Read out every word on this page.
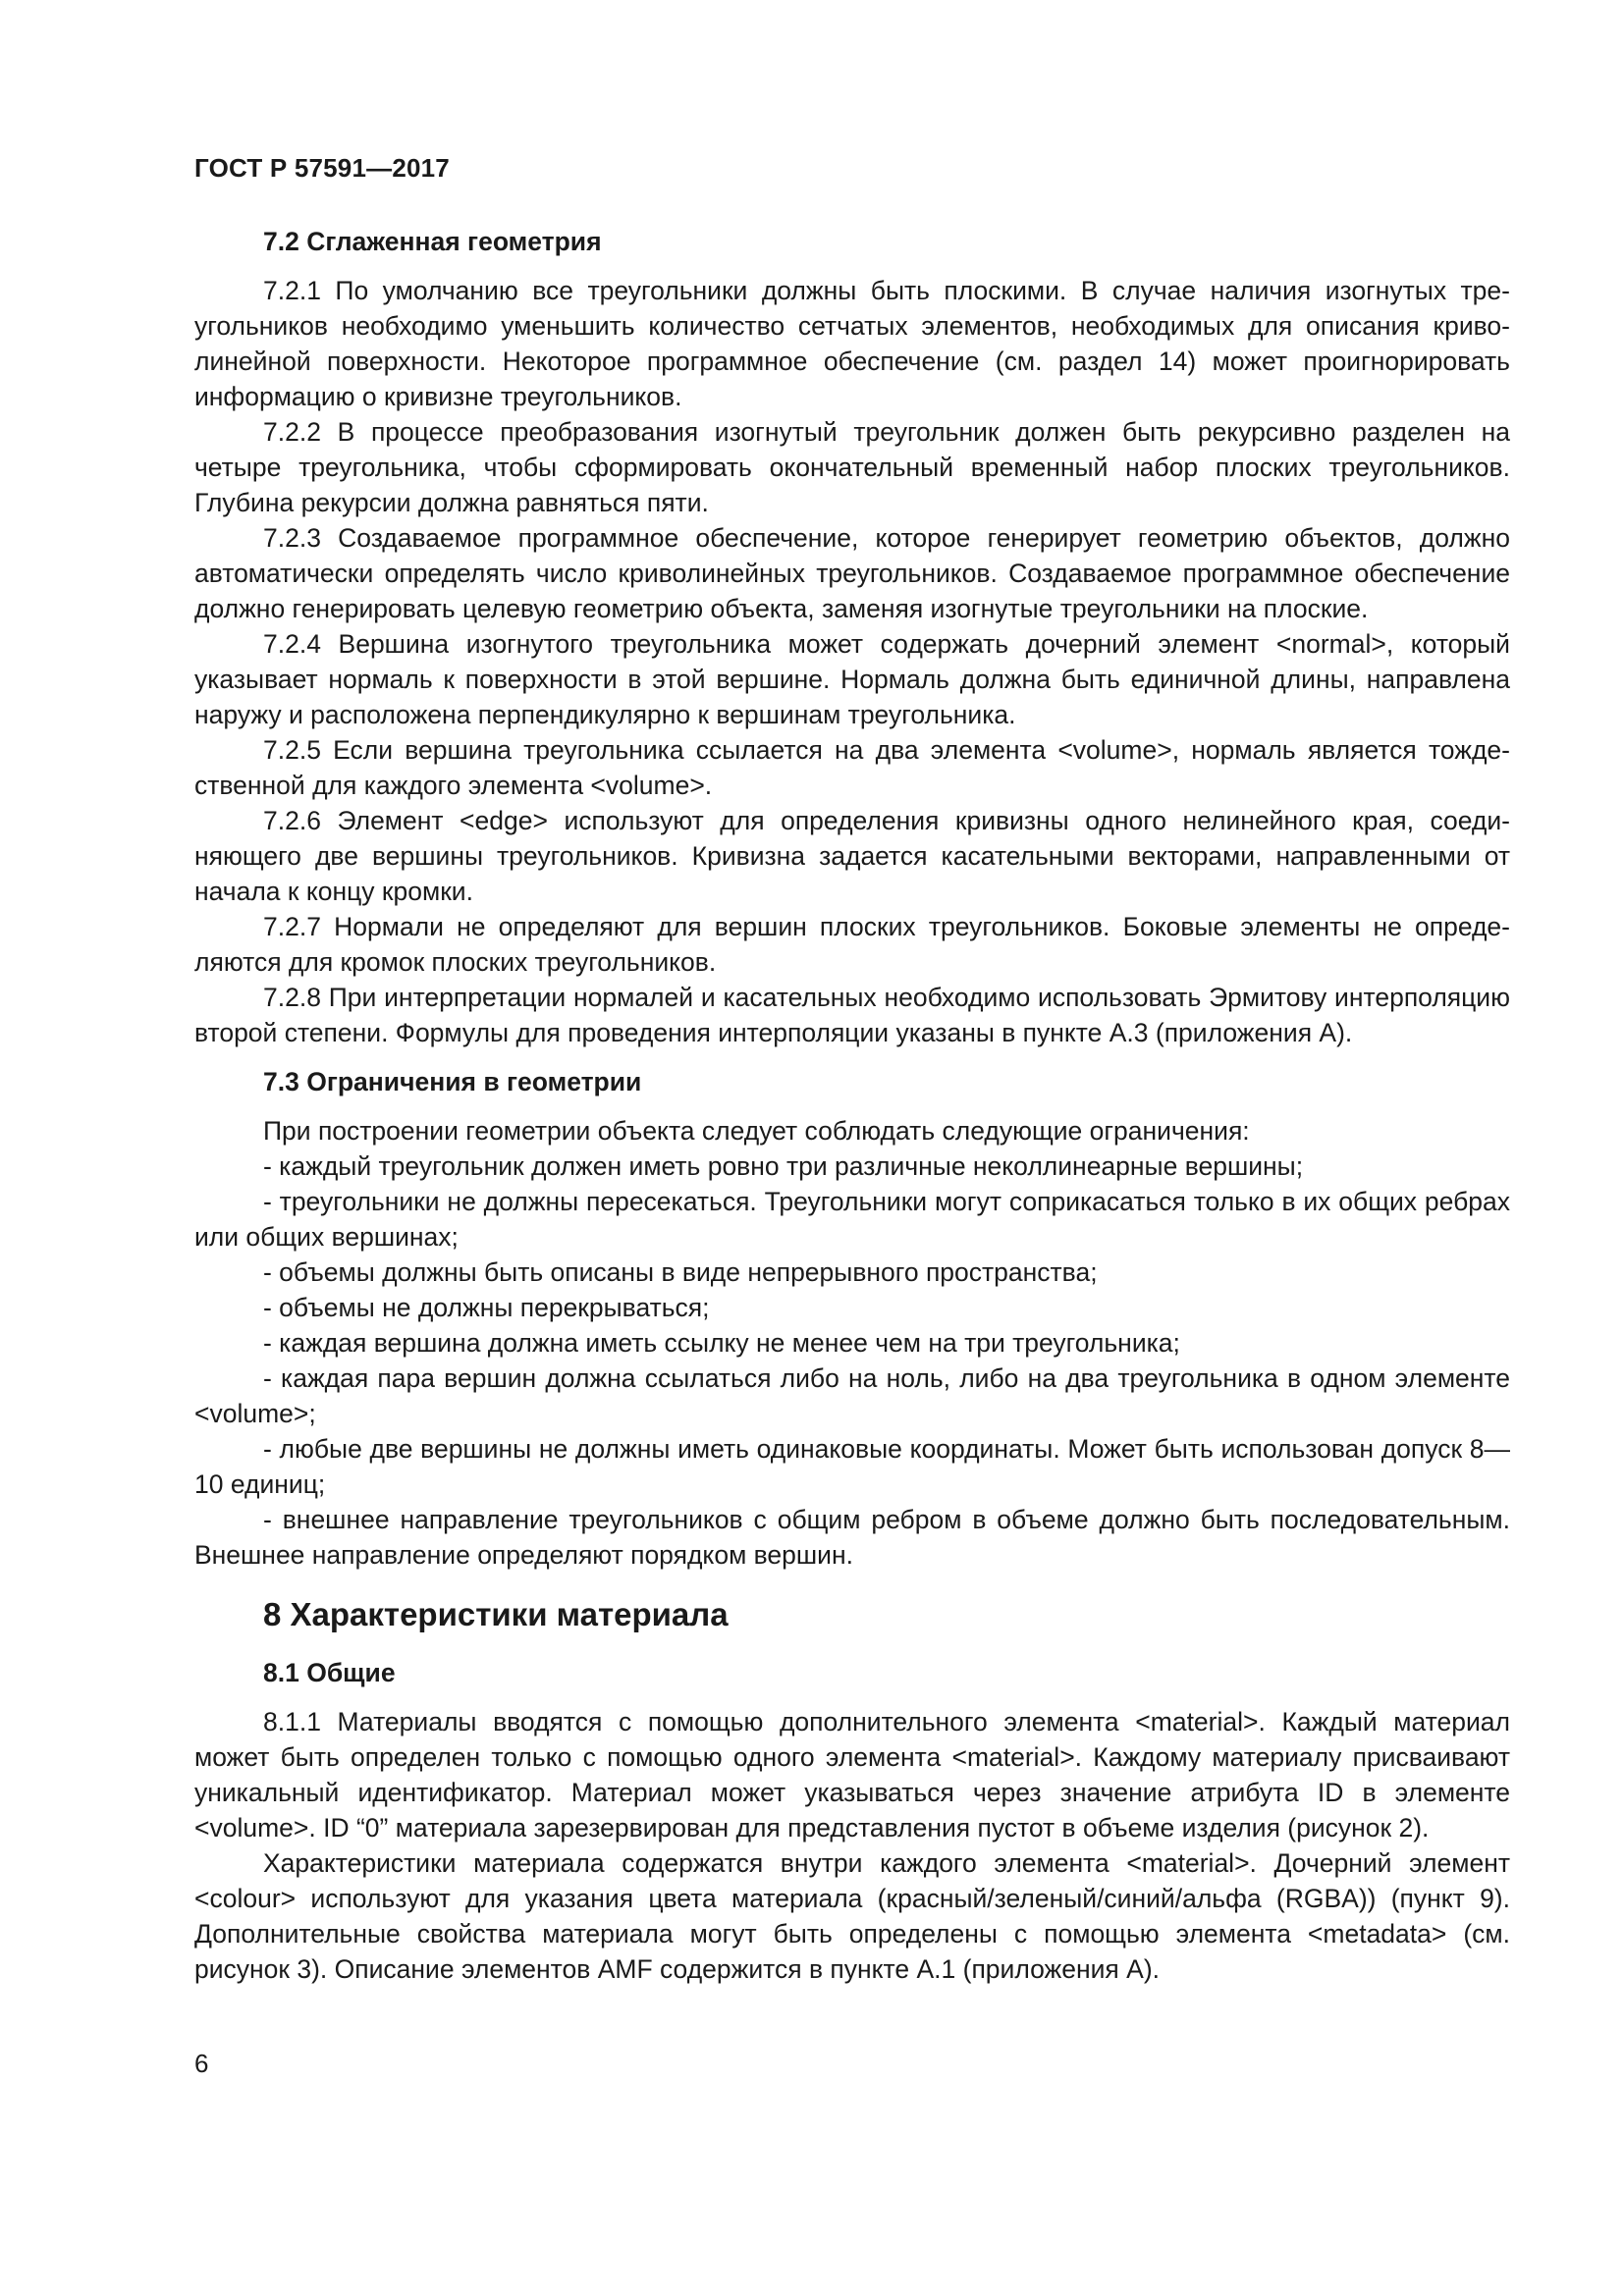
ГОСТ Р 57591—2017
7.2 Сглаженная геометрия

7.2.1 По умолчанию все треугольники должны быть плоскими. В случае наличия изогнутых треугольников необходимо уменьшить количество сетчатых элементов, необходимых для описания криволинейной поверхности. Некоторое программное обеспечение (см. раздел 14) может проигнорировать информацию о кривизне треугольников.

7.2.2 В процессе преобразования изогнутый треугольник должен быть рекурсивно разделен на четыре треугольника, чтобы сформировать окончательный временный набор плоских треугольников. Глубина рекурсии должна равняться пяти.

7.2.3 Создаваемое программное обеспечение, которое генерирует геометрию объектов, должно автоматически определять число криволинейных треугольников. Создаваемое программное обеспечение должно генерировать целевую геометрию объекта, заменяя изогнутые треугольники на плоские.

7.2.4 Вершина изогнутого треугольника может содержать дочерний элемент <normal>, который указывает нормаль к поверхности в этой вершине. Нормаль должна быть единичной длины, направлена наружу и расположена перпендикулярно к вершинам треугольника.

7.2.5 Если вершина треугольника ссылается на два элемента <volume>, нормаль является тождественной для каждого элемента <volume>.

7.2.6 Элемент <edge> используют для определения кривизны одного нелинейного края, соединяющего две вершины треугольников. Кривизна задается касательными векторами, направленными от начала к концу кромки.

7.2.7 Нормали не определяют для вершин плоских треугольников. Боковые элементы не определяются для кромок плоских треугольников.

7.2.8 При интерпретации нормалей и касательных необходимо использовать Эрмитову интерполяцию второй степени. Формулы для проведения интерполяции указаны в пункте А.3 (приложения А).

7.3 Ограничения в геометрии

При построении геометрии объекта следует соблюдать следующие ограничения:

- каждый треугольник должен иметь ровно три различные неколлинеарные вершины;

- треугольники не должны пересекаться. Треугольники могут соприкасаться только в их общих ребрах или общих вершинах;

- объемы должны быть описаны в виде непрерывного пространства;

- объемы не должны перекрываться;

- каждая вершина должна иметь ссылку не менее чем на три треугольника;

- каждая пара вершин должна ссылаться либо на ноль, либо на два треугольника в одном элементе <volume>;

- любые две вершины не должны иметь одинаковые координаты. Может быть использован допуск 8—10 единиц;

- внешнее направление треугольников с общим ребром в объеме должно быть последовательным. Внешнее направление определяют порядком вершин.

8 Характеристики материала
8.1 Общие

8.1.1 Материалы вводятся с помощью дополнительного элемента <material>. Каждый материал может быть определен только с помощью одного элемента <material>. Каждому материалу присваивают уникальный идентификатор. Материал может указываться через значение атрибута ID в элементе <volume>. ID “0” материала зарезервирован для представления пустот в объеме изделия (рисунок 2).

Характеристики материала содержатся внутри каждого элемента <material>. Дочерний элемент <colour> используют для указания цвета материала (красный/зеленый/синий/альфа (RGBA)) (пункт 9). Дополнительные свойства материала могут быть определены с помощью элемента <metadata> (см. рисунок 3). Описание элементов AMF содержится в пункте А.1 (приложения А).

6
